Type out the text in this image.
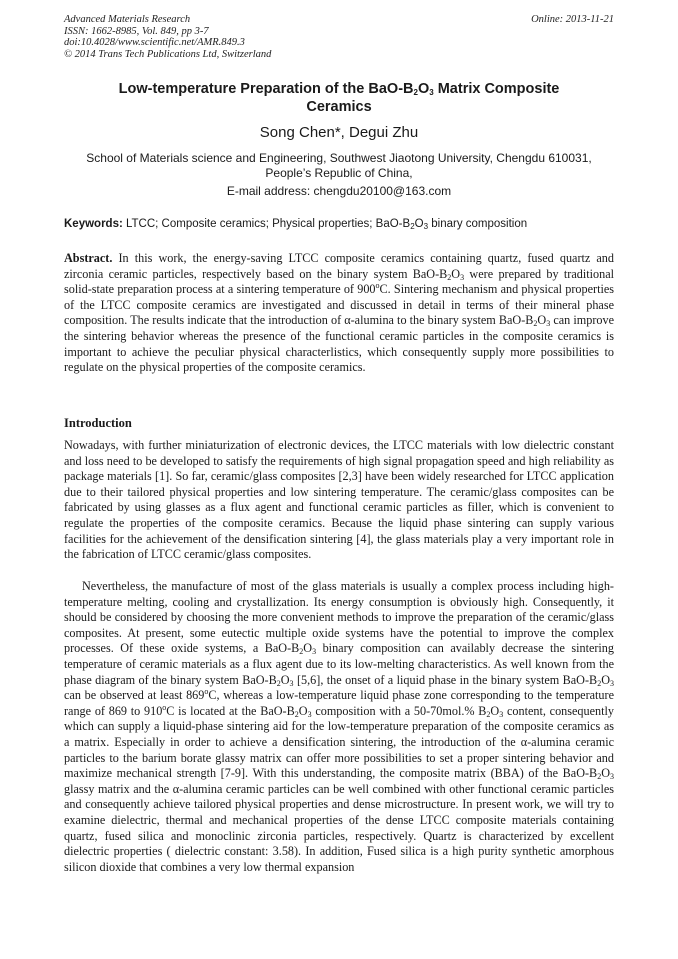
Advanced Materials Research
ISSN: 1662-8985, Vol. 849, pp 3-7
doi:10.4028/www.scientific.net/AMR.849.3
© 2014 Trans Tech Publications Ltd, Switzerland
Online: 2013-11-21
Low-temperature Preparation of the BaO-$B_2O_3$ Matrix Composite
Ceramics
Song Chen*, Degui Zhu
School of Materials science and Engineering, Southwest Jiaotong University, Chengdu 610031,
People’s Republic of China,
E-mail address: chengdu20100@163.com
Keywords: LTCC; Composite ceramics; Physical properties; BaO-$B_2O_3$ binary composition
Abstract. In this work, the energy-saving LTCC composite ceramics containing quartz, fused quartz and zirconia ceramic particles, respectively based on the binary system BaO-$B_2O_3$ were prepared by traditional solid-state preparation process at a sintering temperature of 900$^o$C. Sintering mechanism and physical properties of the LTCC composite ceramics are investigated and discussed in detail in terms of their mineral phase composition. The results indicate that the introduction of α-alumina to the binary system BaO-$B_2O_3$ can improve the sintering behavior whereas the presence of the functional ceramic particles in the composite ceramics is important to achieve the peculiar physical characterlistics, which consequently supply more possibilities to regulate on the physical properties of the composite ceramics.
Introduction
Nowadays, with further miniaturization of electronic devices, the LTCC materials with low dielectric constant and loss need to be developed to satisfy the requirements of high signal propagation speed and high reliability as package materials [1]. So far, ceramic/glass composites [2,3] have been widely researched for LTCC application due to their tailored physical properties and low sintering temperature. The ceramic/glass composites can be fabricated by using glasses as a flux agent and functional ceramic particles as filler, which is convenient to regulate the properties of the composite ceramics. Because the liquid phase sintering can supply various facilities for the achievement of the densification sintering [4], the glass materials play a very important role in the fabrication of LTCC ceramic/glass composites.
Nevertheless, the manufacture of most of the glass materials is usually a complex process including high-temperature melting, cooling and crystallization. Its energy consumption is obviously high. Consequently, it should be considered by choosing the more convenient methods to improve the preparation of the ceramic/glass composites. At present, some eutectic multiple oxide systems have the potential to improve the complex processes. Of these oxide systems, a BaO-$B_2O_3$ binary composition can availably decrease the sintering temperature of ceramic materials as a flux agent due to its low-melting characteristics. As well known from the phase diagram of the binary system BaO-$B_2O_3$ [5,6], the onset of a liquid phase in the binary system BaO-$B_2O_3$ can be observed at least 869$^o$C, whereas a low-temperature liquid phase zone corresponding to the temperature range of 869 to 910$^o$C is located at the BaO-$B_2O_3$ composition with a 50-70mol.% $B_2O_3$ content, consequently which can supply a liquid-phase sintering aid for the low-temperature preparation of the composite ceramics as a matrix. Especially in order to achieve a densification sintering, the introduction of the α-alumina ceramic particles to the barium borate glassy matrix can offer more possibilities to set a proper sintering behavior and maximize mechanical strength [7-9]. With this understanding, the composite matrix (BBA) of the BaO-$B_2O_3$ glassy matrix and the α-alumina ceramic particles can be well combined with other functional ceramic particles and consequently achieve tailored physical properties and dense microstructure. In present work, we will try to examine dielectric, thermal and mechanical properties of the dense LTCC composite materials containing quartz, fused silica and monoclinic zirconia particles, respectively. Quartz is characterized by excellent dielectric properties ( dielectric constant: 3.58). In addition, Fused silica is a high purity synthetic amorphous silicon dioxide that combines a very low thermal expansion
